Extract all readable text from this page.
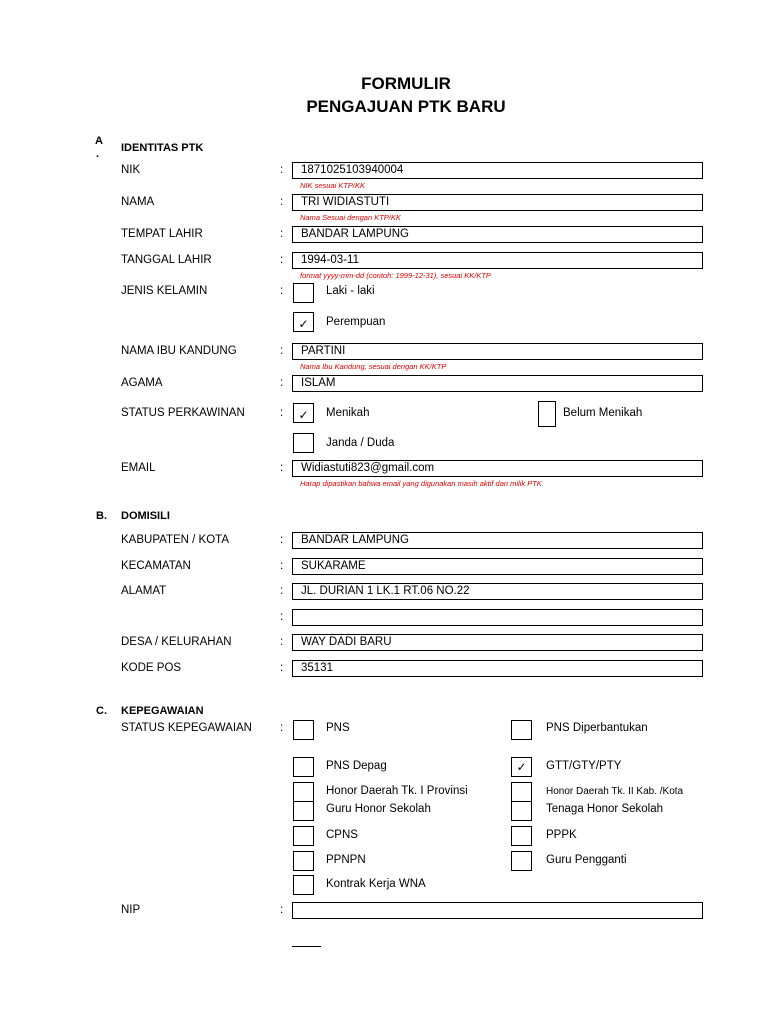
FORMULIR
PENGAJUAN PTK BARU
A
. IDENTITAS PTK
NIK	:	1871025103940004
NIK sesuai KTP/KK
NAMA	:	TRI WIDIASTUTI
Nama Sesuai dengan KTP/KK
TEMPAT LAHIR	:	BANDAR LAMPUNG
TANGGAL LAHIR	:	1994-03-11
format yyyy-mm-dd (contoh: 1999-12-31), sesuai KK/KTP
JENIS KELAMIN	:	Laki - laki
✓	Perempuan
NAMA IBU KANDUNG	:	PARTINI
Nama Ibu Kandung, sesuai dengan KK/KTP
AGAMA	:	ISLAM
STATUS PERKAWINAN	:	✓	Menikah	Belum Menikah
Janda / Duda
EMAIL	:	Widiastuti823@gmail.com
Harap dipastikan bahwa email yang digunakan masih aktif dan milik PTK
B. DOMISILI
KABUPATEN / KOTA	:	BANDAR LAMPUNG
KECAMATAN	:	SUKARAME
ALAMAT	:	JL. DURIAN 1 LK.1 RT.06 NO.22
:
DESA / KELURAHAN	:	WAY DADI BARU
KODE POS	:	35131
C. KEPEGAWAIAN
STATUS KEPEGAWAIAN :	PNS	PNS Diperbantukan
PNS Depag	✓	GTT/GTY/PTY
Honor Daerah Tk. I Provinsi	Honor Daerah Tk. II Kab. /Kota
Guru Honor Sekolah	Tenaga Honor Sekolah
CPNS	PPPK
PPNPN	Guru Pengganti
Kontrak Kerja WNA
NIP	:
